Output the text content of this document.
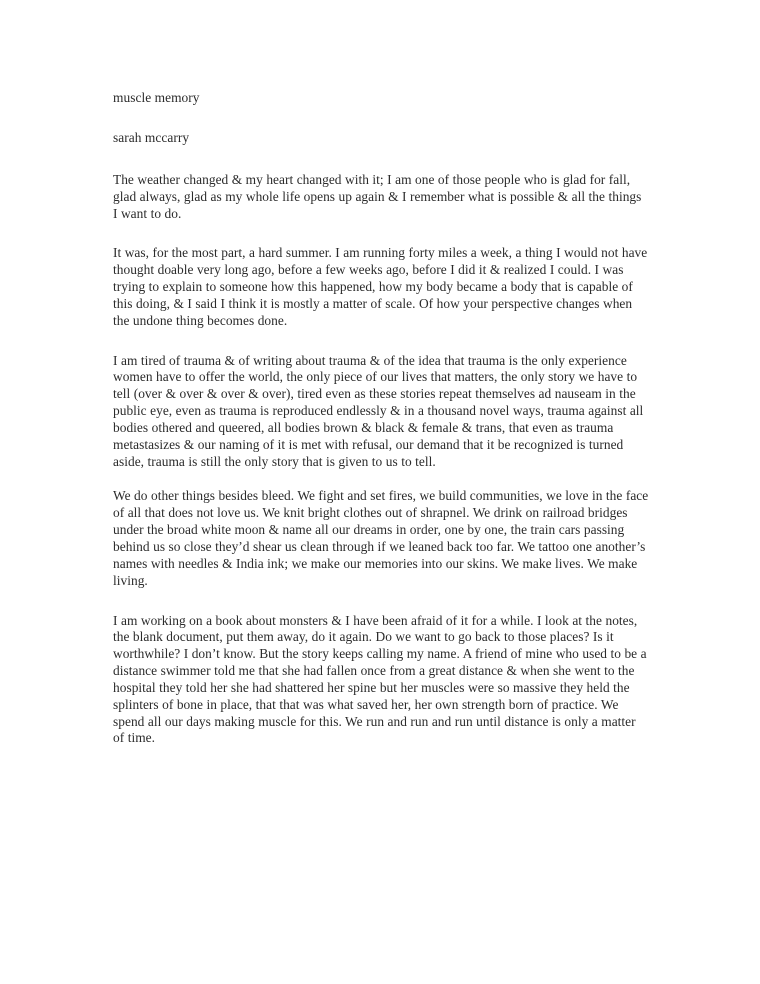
muscle memory

sarah mccarry

The weather changed & my heart changed with it; I am one of those people who is glad for fall, glad always, glad as my whole life opens up again & I remember what is possible & all the things I want to do.

It was, for the most part, a hard summer. I am running forty miles a week, a thing I would not have thought doable very long ago, before a few weeks ago, before I did it & realized I could. I was trying to explain to someone how this happened, how my body became a body that is capable of this doing, & I said I think it is mostly a matter of scale. Of how your perspective changes when the undone thing becomes done.

I am tired of trauma & of writing about trauma & of the idea that trauma is the only experience women have to offer the world, the only piece of our lives that matters, the only story we have to tell (over & over & over & over), tired even as these stories repeat themselves ad nauseam in the public eye, even as trauma is reproduced endlessly & in a thousand novel ways, trauma against all bodies othered and queered, all bodies brown & black & female & trans, that even as trauma metastasizes & our naming of it is met with refusal, our demand that it be recognized is turned aside, trauma is still the only story that is given to us to tell.

We do other things besides bleed. We fight and set fires, we build communities, we love in the face of all that does not love us. We knit bright clothes out of shrapnel. We drink on railroad bridges under the broad white moon & name all our dreams in order, one by one, the train cars passing behind us so close they’d shear us clean through if we leaned back too far. We tattoo one another’s names with needles & India ink; we make our memories into our skins. We make lives. We make living.

I am working on a book about monsters & I have been afraid of it for a while. I look at the notes, the blank document, put them away, do it again. Do we want to go back to those places? Is it worthwhile? I don’t know. But the story keeps calling my name. A friend of mine who used to be a distance swimmer told me that she had fallen once from a great distance & when she went to the hospital they told her she had shattered her spine but her muscles were so massive they held the splinters of bone in place, that that was what saved her, her own strength born of practice. We spend all our days making muscle for this. We run and run and run until distance is only a matter of time.
